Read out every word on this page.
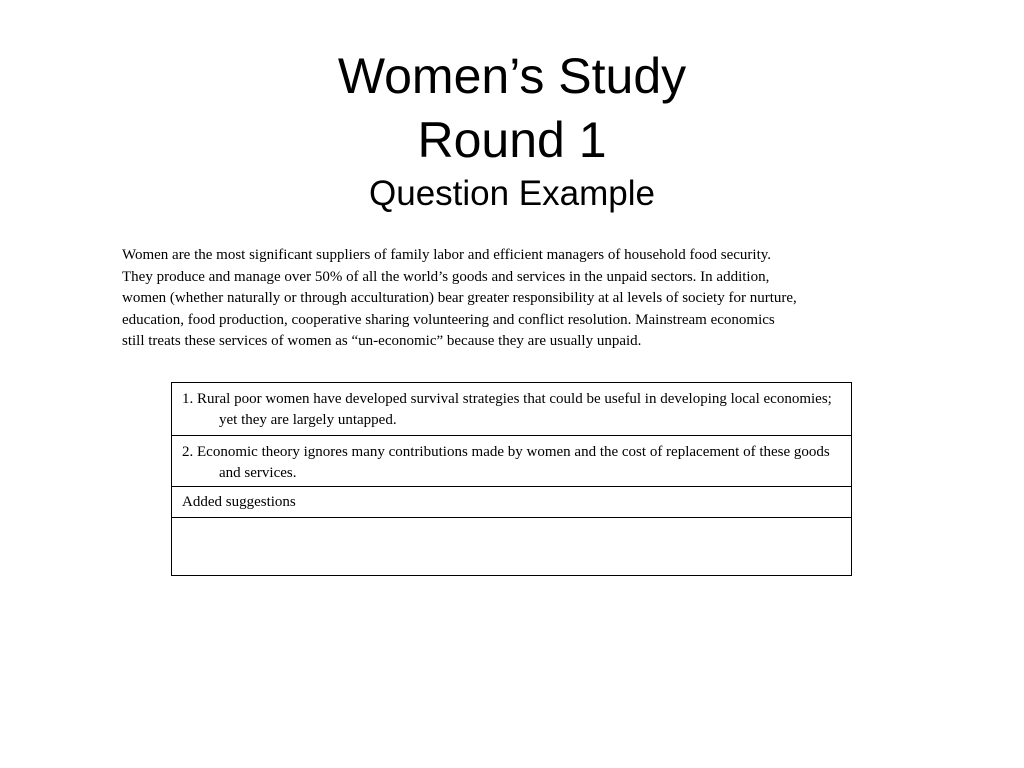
Women’s Study
Round 1
Question Example

Women are the most significant suppliers of family labor and efficient managers of household food security.
They produce and manage over 50% of all the world’s goods and services in the unpaid sectors. In addition,
women (whether naturally or through acculturation) bear greater responsibility at al levels of society for nurture,
education, food production, cooperative sharing volunteering and conflict resolution. Mainstream economics
still treats these services of women as “un-economic” because they are usually unpaid.

1. Rural poor women have developed survival strategies that could be useful in developing local economies; yet they are largely untapped.
2. Economic theory ignores many contributions made by women and the cost of replacement of these goods and services.
Added suggestions
